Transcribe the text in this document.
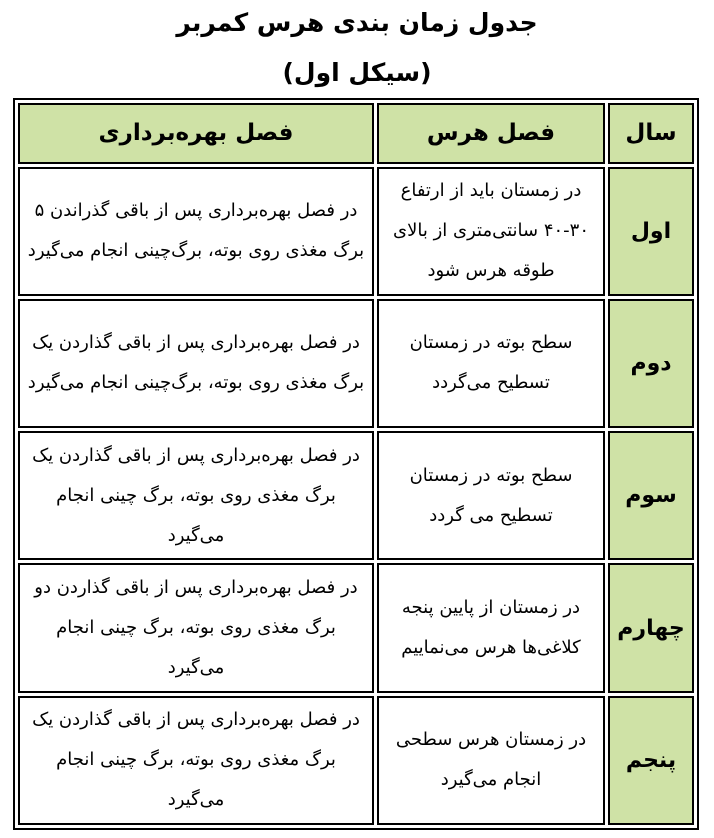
جدول زمان بندی هرس کمربر
(سیکل اول)
سال	فصل هرس	فصل بهره‌برداری
اول	در زمستان باید از ارتفاع ۳۰-۴۰ سانتی‌متری از بالای طوقه هرس شود	در فصل بهره‌برداری پس از باقی گذراندن ۵ برگ مغذی روی بوته، برگ‌چینی انجام می‌گیرد
دوم	سطح بوته در زمستان تسطیح می‌گردد	در فصل بهره‌برداری پس از باقی گذاردن یک برگ مغذی روی بوته، برگ‌چینی انجام می‌گیرد
سوم	سطح بوته در زمستان تسطیح می گردد	در فصل بهره‌برداری پس از باقی گذاردن یک برگ مغذی روی بوته، برگ چینی انجام می‌گیرد
چهارم	در زمستان از پایین پنجه کلاغی‌ها هرس می‌نماییم	در فصل بهره‌برداری پس از باقی گذاردن دو برگ مغذی روی بوته، برگ چینی انجام می‌گیرد
پنجم	در زمستان هرس سطحی انجام می‌گیرد	در فصل بهره‌برداری پس از باقی گذاردن یک برگ مغذی روی بوته، برگ چینی انجام می‌گیرد
